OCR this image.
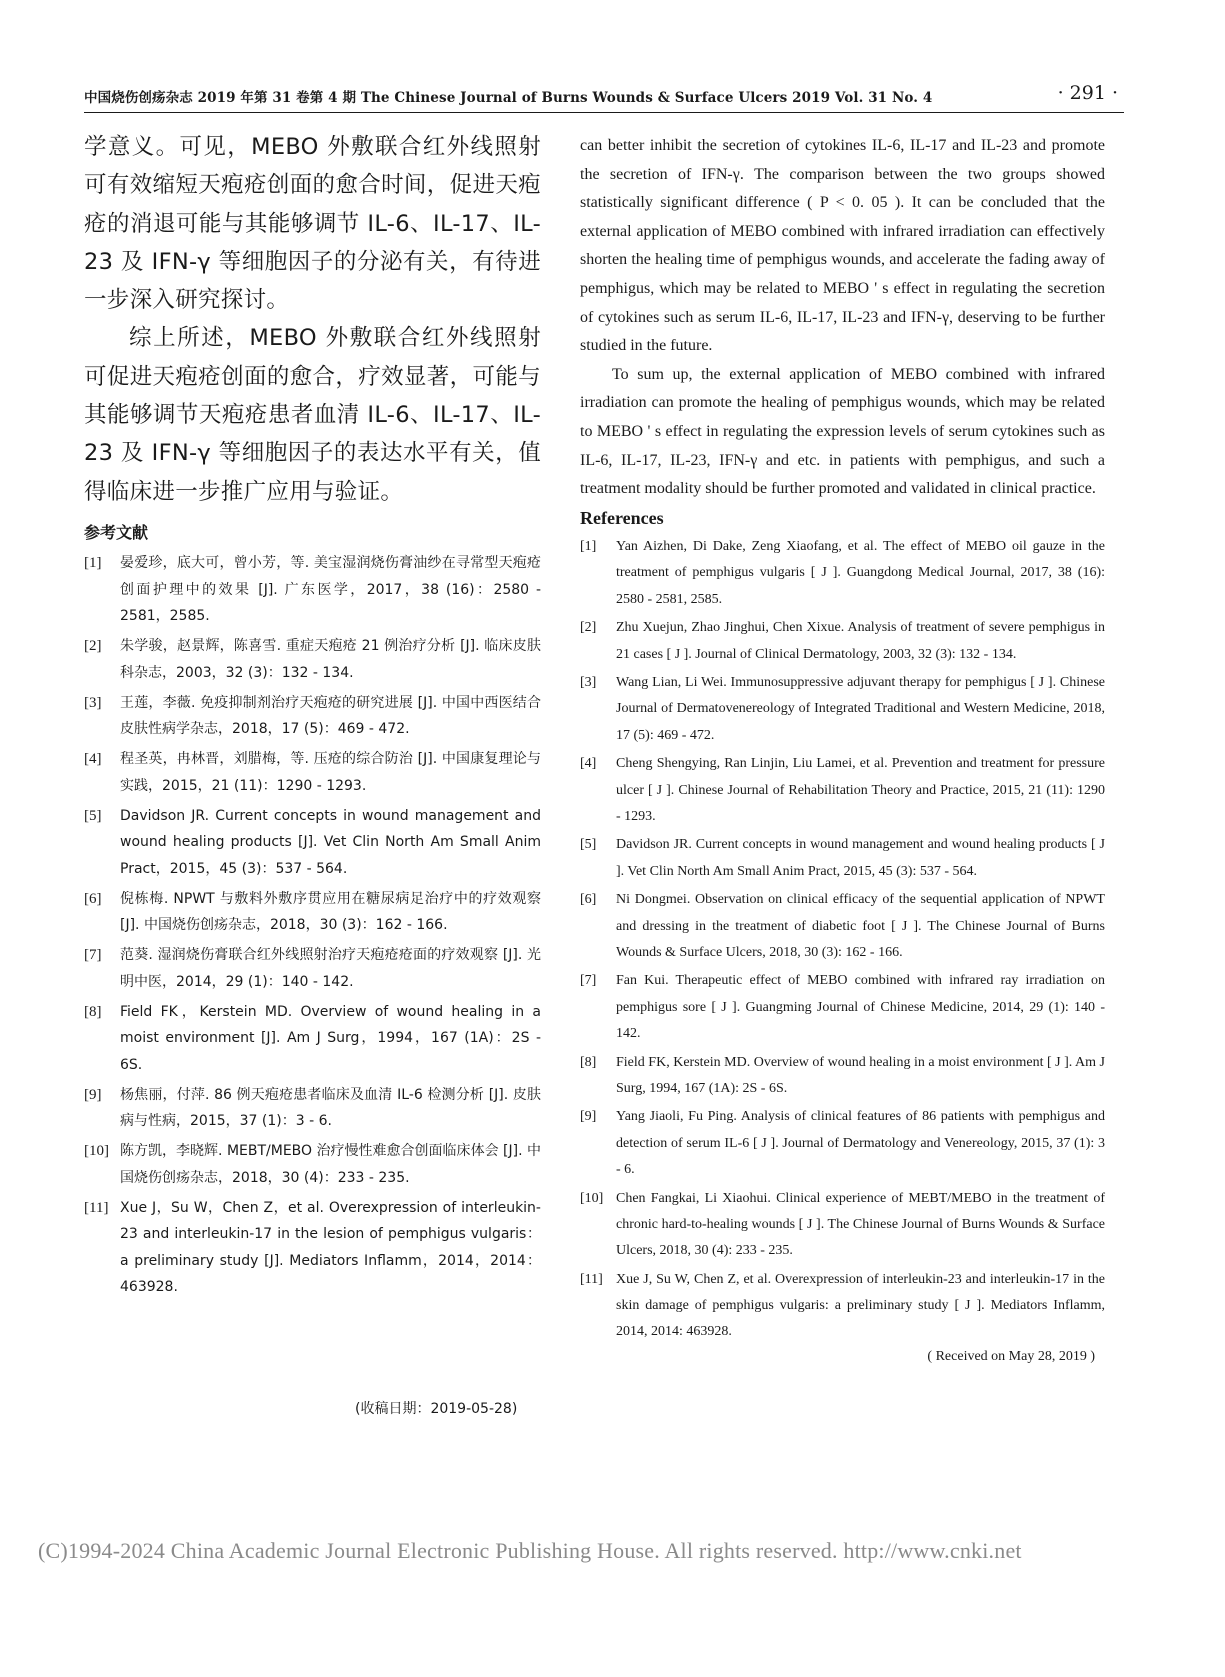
中国烧伤创疡杂志 2019 年第 31 卷第 4 期 The Chinese Journal of Burns Wounds & Surface Ulcers 2019 Vol. 31 No. 4	· 291 ·

学意义。可见，MEBO 外敷联合红外线照射可有效缩短天疱疮创面的愈合时间，促进天疱疮的消退可能与其能够调节 IL-6、IL-17、IL-23 及 IFN-γ 等细胞因子的分泌有关，有待进一步深入研究探讨。

综上所述，MEBO 外敷联合红外线照射可促进天疱疮创面的愈合，疗效显著，可能与其能够调节天疱疮患者血清 IL-6、IL-17、IL-23 及 IFN-γ 等细胞因子的表达水平有关，值得临床进一步推广应用与验证。

参考文献
[1]	晏爱珍，底大可，曾小芳，等. 美宝湿润烧伤膏油纱在寻常型天疱疮创面护理中的效果 [J]. 广东医学，2017，38 (16)：2580 - 2581，2585.
[2]	朱学骏，赵景辉，陈喜雪. 重症天疱疮 21 例治疗分析 [J]. 临床皮肤科杂志，2003，32 (3)：132 - 134.
[3]	王莲，李薇. 免疫抑制剂治疗天疱疮的研究进展 [J]. 中国中西医结合皮肤性病学杂志，2018，17 (5)：469 - 472.
[4]	程圣英，冉林晋，刘腊梅，等. 压疮的综合防治 [J]. 中国康复理论与实践，2015，21 (11)：1290 - 1293.
[5]	Davidson JR. Current concepts in wound management and wound healing products [J]. Vet Clin North Am Small Anim Pract，2015，45 (3)：537 - 564.
[6]	倪栋梅. NPWT 与敷料外敷序贯应用在糖尿病足治疗中的疗效观察 [J]. 中国烧伤创疡杂志，2018，30 (3)：162 - 166.
[7]	范葵. 湿润烧伤膏联合红外线照射治疗天疱疮疮面的疗效观察 [J]. 光明中医，2014，29 (1)：140 - 142.
[8]	Field FK，Kerstein MD. Overview of wound healing in a moist environment [J]. Am J Surg，1994，167 (1A)：2S - 6S.
[9]	杨焦丽，付萍. 86 例天疱疮患者临床及血清 IL-6 检测分析 [J]. 皮肤病与性病，2015，37 (1)：3 - 6.
[10] 陈方凯，李晓辉. MEBT/MEBO 治疗慢性难愈合创面临床体会 [J]. 中国烧伤创疡杂志，2018，30 (4)：233 - 235.
[11] Xue J，Su W，Chen Z，et al. Overexpression of interleukin-23 and interleukin-17 in the lesion of pemphigus vulgaris：a preliminary study [J]. Mediators Inflamm，2014，2014：463928.
(收稿日期：2019-05-28)

can better inhibit the secretion of cytokines IL-6, IL-17 and IL-23 and promote the secretion of IFN-γ. The comparison between the two groups showed statistically significant difference ( P < 0. 05 ). It can be concluded that the external application of MEBO combined with infrared irradiation can effectively shorten the healing time of pemphigus wounds, and accelerate the fading away of pemphigus, which may be related to MEBO ' s effect in regulating the secretion of cytokines such as serum IL-6, IL-17, IL-23 and IFN-γ, deserving to be further studied in the future.

To sum up, the external application of MEBO combined with infrared irradiation can promote the healing of pemphigus wounds, which may be related to MEBO ' s effect in regulating the expression levels of serum cytokines such as IL-6, IL-17, IL-23, IFN-γ and etc. in patients with pemphigus, and such a treatment modality should be further promoted and validated in clinical practice.

References
[1]	Yan Aizhen, Di Dake, Zeng Xiaofang, et al. The effect of MEBO oil gauze in the treatment of pemphigus vulgaris [ J ]. Guangdong Medical Journal, 2017, 38 (16): 2580 - 2581, 2585.
[2]	Zhu Xuejun, Zhao Jinghui, Chen Xixue. Analysis of treatment of severe pemphigus in 21 cases [ J ]. Journal of Clinical Dermatology, 2003, 32 (3): 132 - 134.
[3]	Wang Lian, Li Wei. Immunosuppressive adjuvant therapy for pemphigus [ J ]. Chinese Journal of Dermatovenereology of Integrated Traditional and Western Medicine, 2018, 17 (5): 469 - 472.
[4]	Cheng Shengying, Ran Linjin, Liu Lamei, et al. Prevention and treatment for pressure ulcer [ J ]. Chinese Journal of Rehabilitation Theory and Practice, 2015, 21 (11): 1290 - 1293.
[5]	Davidson JR. Current concepts in wound management and wound healing products [ J ]. Vet Clin North Am Small Anim Pract, 2015, 45 (3): 537 - 564.
[6]	Ni Dongmei. Observation on clinical efficacy of the sequential application of NPWT and dressing in the treatment of diabetic foot [ J ]. The Chinese Journal of Burns Wounds & Surface Ulcers, 2018, 30 (3): 162 - 166.
[7]	Fan Kui. Therapeutic effect of MEBO combined with infrared ray irradiation on pemphigus sore [ J ]. Guangming Journal of Chinese Medicine, 2014, 29 (1): 140 - 142.
[8]	Field FK, Kerstein MD. Overview of wound healing in a moist environment [ J ]. Am J Surg, 1994, 167 (1A): 2S - 6S.
[9]	Yang Jiaoli, Fu Ping. Analysis of clinical features of 86 patients with pemphigus and detection of serum IL-6 [ J ]. Journal of Dermatology and Venereology, 2015, 37 (1): 3 - 6.
[10] Chen Fangkai, Li Xiaohui. Clinical experience of MEBT/MEBO in the treatment of chronic hard-to-healing wounds [ J ]. The Chinese Journal of Burns Wounds & Surface Ulcers, 2018, 30 (4): 233 - 235.
[11] Xue J, Su W, Chen Z, et al. Overexpression of interleukin-23 and interleukin-17 in the skin damage of pemphigus vulgaris: a preliminary study [ J ]. Mediators Inflamm, 2014, 2014: 463928.
( Received on May 28, 2019 )
(C)1994-2024 China Academic Journal Electronic Publishing House. All rights reserved. http://www.cnki.net
